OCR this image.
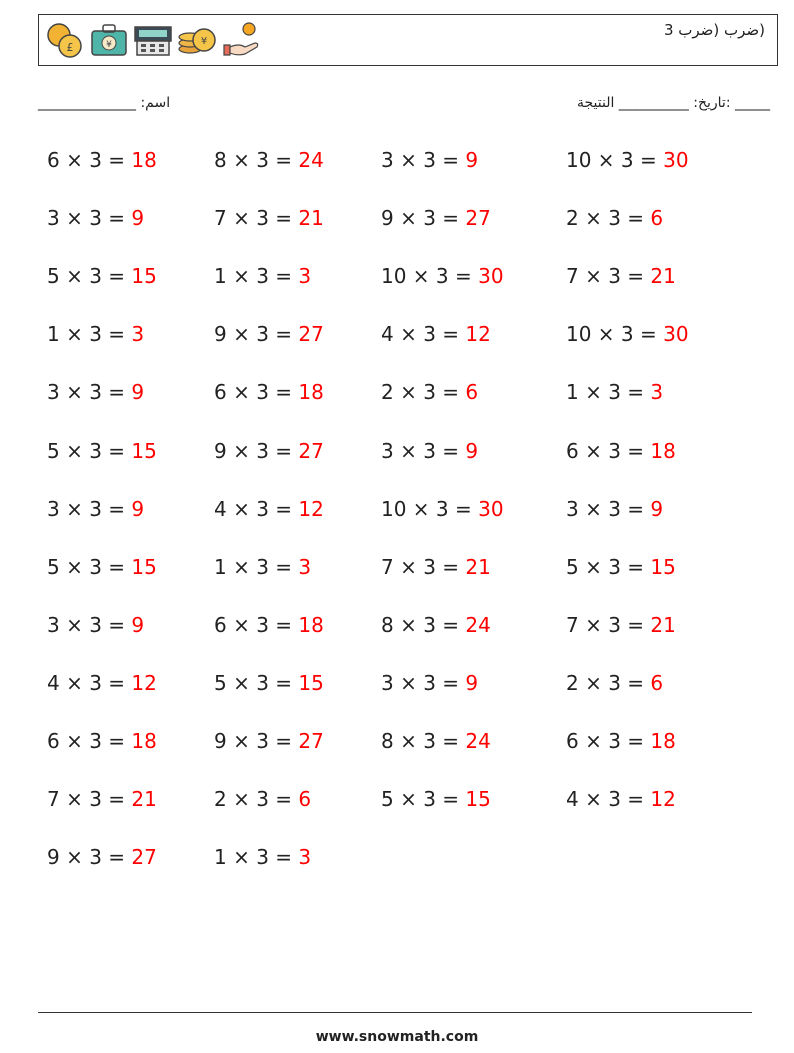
£	¥	¥
(ضرب (ضرب 3
اسم: ______________	_____ :تاريخ: __________ النتيجة
6 × 3 = 18	8 × 3 = 24	3 × 3 = 9	10 × 3 = 30
3 × 3 = 9	7 × 3 = 21	9 × 3 = 27	2 × 3 = 6
5 × 3 = 15	1 × 3 = 3	10 × 3 = 30	7 × 3 = 21
1 × 3 = 3	9 × 3 = 27	4 × 3 = 12	10 × 3 = 30
3 × 3 = 9	6 × 3 = 18	2 × 3 = 6	1 × 3 = 3
5 × 3 = 15	9 × 3 = 27	3 × 3 = 9	6 × 3 = 18
3 × 3 = 9	4 × 3 = 12	10 × 3 = 30	3 × 3 = 9
5 × 3 = 15	1 × 3 = 3	7 × 3 = 21	5 × 3 = 15
3 × 3 = 9	6 × 3 = 18	8 × 3 = 24	7 × 3 = 21
4 × 3 = 12	5 × 3 = 15	3 × 3 = 9	2 × 3 = 6
6 × 3 = 18	9 × 3 = 27	8 × 3 = 24	6 × 3 = 18
7 × 3 = 21	2 × 3 = 6	5 × 3 = 15	4 × 3 = 12
9 × 3 = 27	1 × 3 = 3
www.snowmath.com
